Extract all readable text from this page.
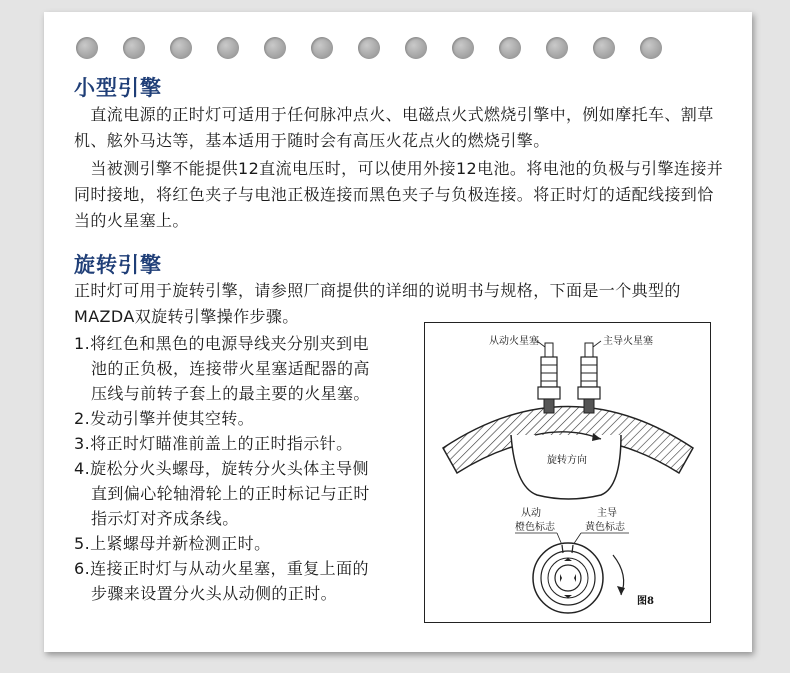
小型引擎
　直流电源的正时灯可适用于任何脉冲点火、电磁点火式燃烧引擎中，例如摩托车、割草机、舷外马达等，基本适用于随时会有高压火花点火的燃烧引擎。
　当被测引擎不能提供12直流电压时，可以使用外接12电池。将电池的负极与引擎连接并同时接地，将红色夹子与电池正极连接而黑色夹子与负极连接。将正时灯的适配线接到恰当的火星塞上。
旋转引擎
正时灯可用于旋转引擎，请参照厂商提供的详细的说明书与规格，下面是一个典型的MAZDA双旋转引擎操作步骤。
1.将红色和黑色的电源导线夹分别夹到电
池的正负极，连接带火星塞适配器的高
压线与前转子套上的最主要的火星塞。
2.发动引擎并使其空转。
3.将正时灯瞄准前盖上的正时指示针。
4.旋松分火头螺母，旋转分火头体主导侧
直到偏心轮轴滑轮上的正时标记与正时
指示灯对齐成条线。
5.上紧螺母并新检测正时。
6.连接正时灯与从动火星塞，重复上面的
步骤来设置分火头从动侧的正时。
从动火星塞	主导火星塞
旋转方向
从动
橙色标志
主导
黄色标志
图8
